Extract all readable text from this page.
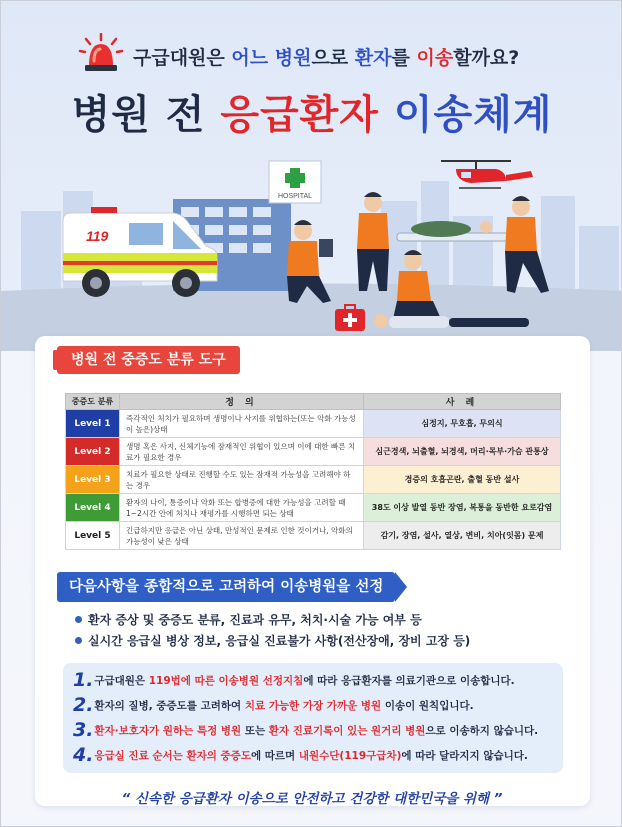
구급대원은 어느 병원으로 환자를 이송할까요?
병원 전 응급환자 이송체계
HOSPITAL
119
병원 전 중증도 분류 도구
중증도 분류	정 의	사 례
Level 1	즉각적인 처치가 필요하며 생명이나 사지를 위협하는(또는 악화 가능성이 높은)상태	심정지, 무호흡, 무의식
Level 2	생명 혹은 사지, 신체기능에 잠재적인 위협이 있으며 이에 대한 빠른 치료가 필요한 경우	심근경색, 뇌출혈, 뇌경색, 머리·목부·가슴 관통상
Level 3	치료가 필요한 상태로 진행할 수도 있는 잠재적 가능성을 고려해야 하는 경우	경증의 호흡곤란, 출혈 동반 설사
Level 4	환자의 나이, 통증이나 악화 또는 합병증에 대한 가능성을 고려할 때 1~2시간 안에 처치나 재평가를 시행하면 되는 상태	38도 이상 발열 동반 장염, 복통을 동반한 요로감염
Level 5	긴급하지만 응급은 아닌 상태, 만성적인 문제로 인한 것이거나, 악화의 가능성이 낮은 상태	감기, 장염, 설사, 열상, 변비, 치아(잇몸) 문제
다음사항을 종합적으로 고려하여 이송병원을 선정
환자 증상 및 중증도 분류, 진료과 유무, 처치·시술 가능 여부 등
실시간 응급실 병상 정보, 응급실 진료불가 사항(전산장애, 장비 고장 등)
1. 구급대원은 119법에 따른 이송병원 선정지침에 따라 응급환자를 의료기관으로 이송합니다.
2. 환자의 질병, 중증도를 고려하여 치료 가능한 가장 가까운 병원 이송이 원칙입니다.
3. 환자·보호자가 원하는 특정 병원 또는 환자 진료기록이 있는 원거리 병원으로 이송하지 않습니다.
4. 응급실 진료 순서는 환자의 중증도에 따르며 내원수단(119구급차)에 따라 달라지지 않습니다.
“ 신속한 응급환자 이송으로 안전하고 건강한 대한민국을 위해 ”
